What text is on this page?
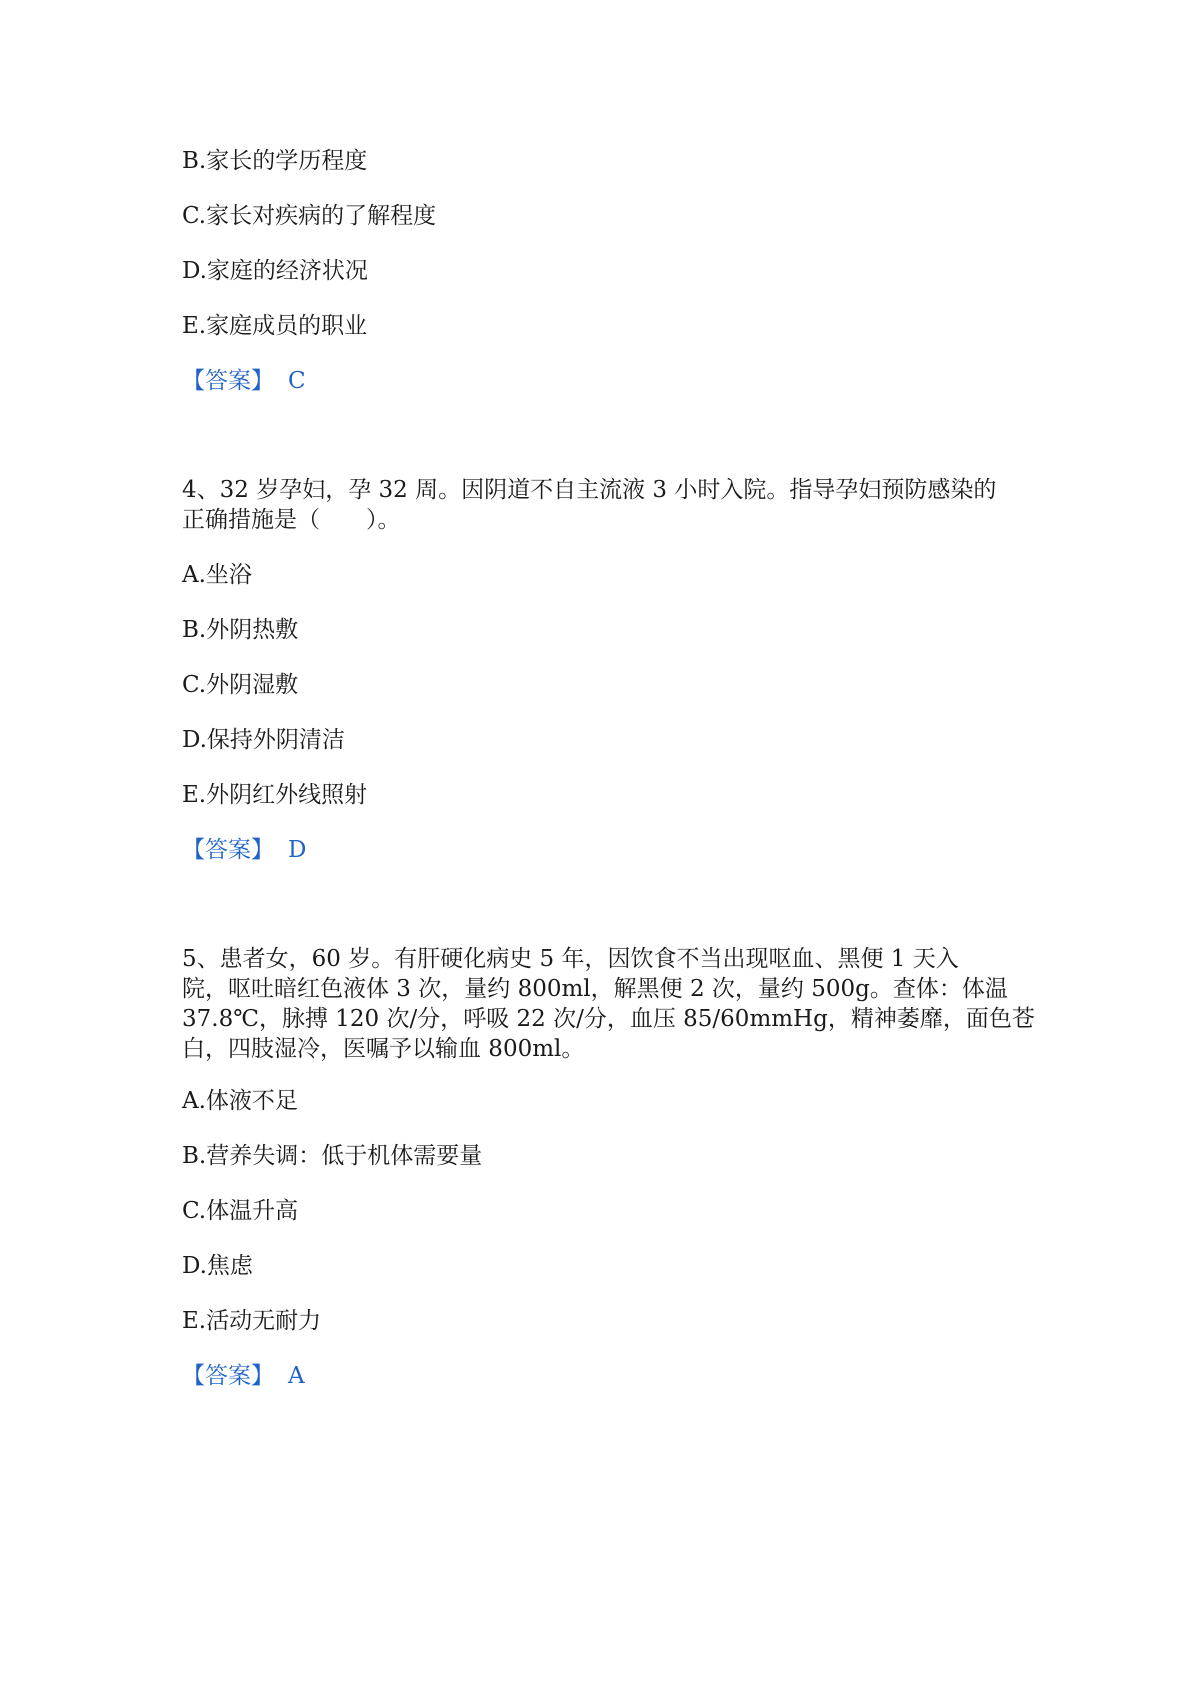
B.家长的学历程度
C.家长对疾病的了解程度
D.家庭的经济状况
E.家庭成员的职业
【答案】 C
4、32 岁孕妇，孕 32 周。因阴道不自主流液 3 小时入院。指导孕妇预防感染的
正确措施是（　　）。
A.坐浴
B.外阴热敷
C.外阴湿敷
D.保持外阴清洁
E.外阴红外线照射
【答案】 D
5、患者女，60 岁。有肝硬化病史 5 年，因饮食不当出现呕血、黑便 1 天入
院，呕吐暗红色液体 3 次，量约 800ml，解黑便 2 次，量约 500g。查体：体温
37.8℃，脉搏 120 次/分，呼吸 22 次/分，血压 85/60mmHg，精神萎靡，面色苍
白，四肢湿冷，医嘱予以输血 800ml。
A.体液不足
B.营养失调：低于机体需要量
C.体温升高
D.焦虑
E.活动无耐力
【答案】 A
